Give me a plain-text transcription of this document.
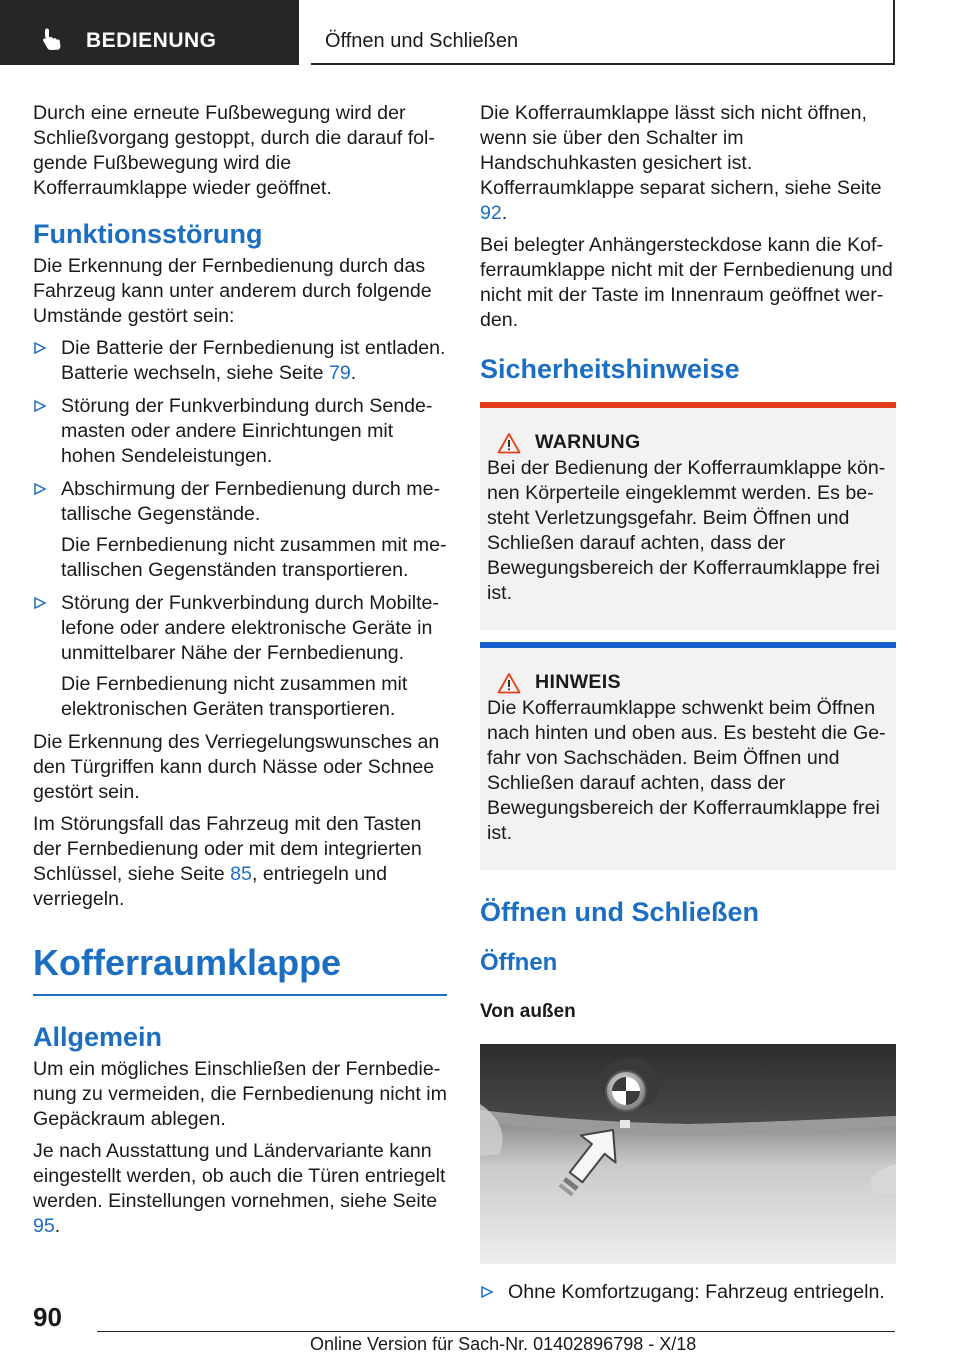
BEDIENUNG	Öffnen und Schließen

Durch eine erneute Fußbewegung wird der Schließvorgang gestoppt, durch die darauf folgende Fußbewegung wird die Kofferraumklappe wieder geöffnet.

Funktionsstörung

Die Erkennung der Fernbedienung durch das Fahrzeug kann unter anderem durch folgende Umstände gestört sein:

Die Batterie der Fernbedienung ist entladen. Batterie wechseln, siehe Seite 79.

Störung der Funkverbindung durch Sendemasten oder andere Einrichtungen mit hohen Sendeleistungen.

Abschirmung der Fernbedienung durch metallische Gegenstände.

Die Fernbedienung nicht zusammen mit metallischen Gegenständen transportieren.

Störung der Funkverbindung durch Mobiltelefone oder andere elektronische Geräte in unmittelbarer Nähe der Fernbedienung.

Die Fernbedienung nicht zusammen mit elektronischen Geräten transportieren.

Die Erkennung des Verriegelungswunsches an den Türgriffen kann durch Nässe oder Schnee gestört sein.

Im Störungsfall das Fahrzeug mit den Tasten der Fernbedienung oder mit dem integrierten Schlüssel, siehe Seite 85, entriegeln und verriegeln.

Kofferraumklappe
Allgemein

Um ein mögliches Einschließen der Fernbedienung zu vermeiden, die Fernbedienung nicht im Gepäckraum ablegen.

Je nach Ausstattung und Ländervariante kann eingestellt werden, ob auch die Türen entriegelt werden. Einstellungen vornehmen, siehe Seite 95.

Die Kofferraumklappe lässt sich nicht öffnen, wenn sie über den Schalter im Handschuhkasten gesichert ist. Kofferraumklappe separat sichern, siehe Seite 92.

Bei belegter Anhängersteckdose kann die Kofferraumklappe nicht mit der Fernbedienung und nicht mit der Taste im Innenraum geöffnet werden.

Sicherheitshinweise
WARNUNG

Bei der Bedienung der Kofferraumklappe können Körperteile eingeklemmt werden. Es besteht Verletzungsgefahr. Beim Öffnen und Schließen darauf achten, dass der Bewegungsbereich der Kofferraumklappe frei ist.

HINWEIS

Die Kofferraumklappe schwenkt beim Öffnen nach hinten und oben aus. Es besteht die Gefahr von Sachschäden. Beim Öffnen und Schließen darauf achten, dass der Bewegungsbereich der Kofferraumklappe frei ist.

Öffnen und Schließen
Öffnen
Von außen

Ohne Komfortzugang: Fahrzeug entriegeln.

90
Online Version für Sach-Nr. 01402896798 - X/18
